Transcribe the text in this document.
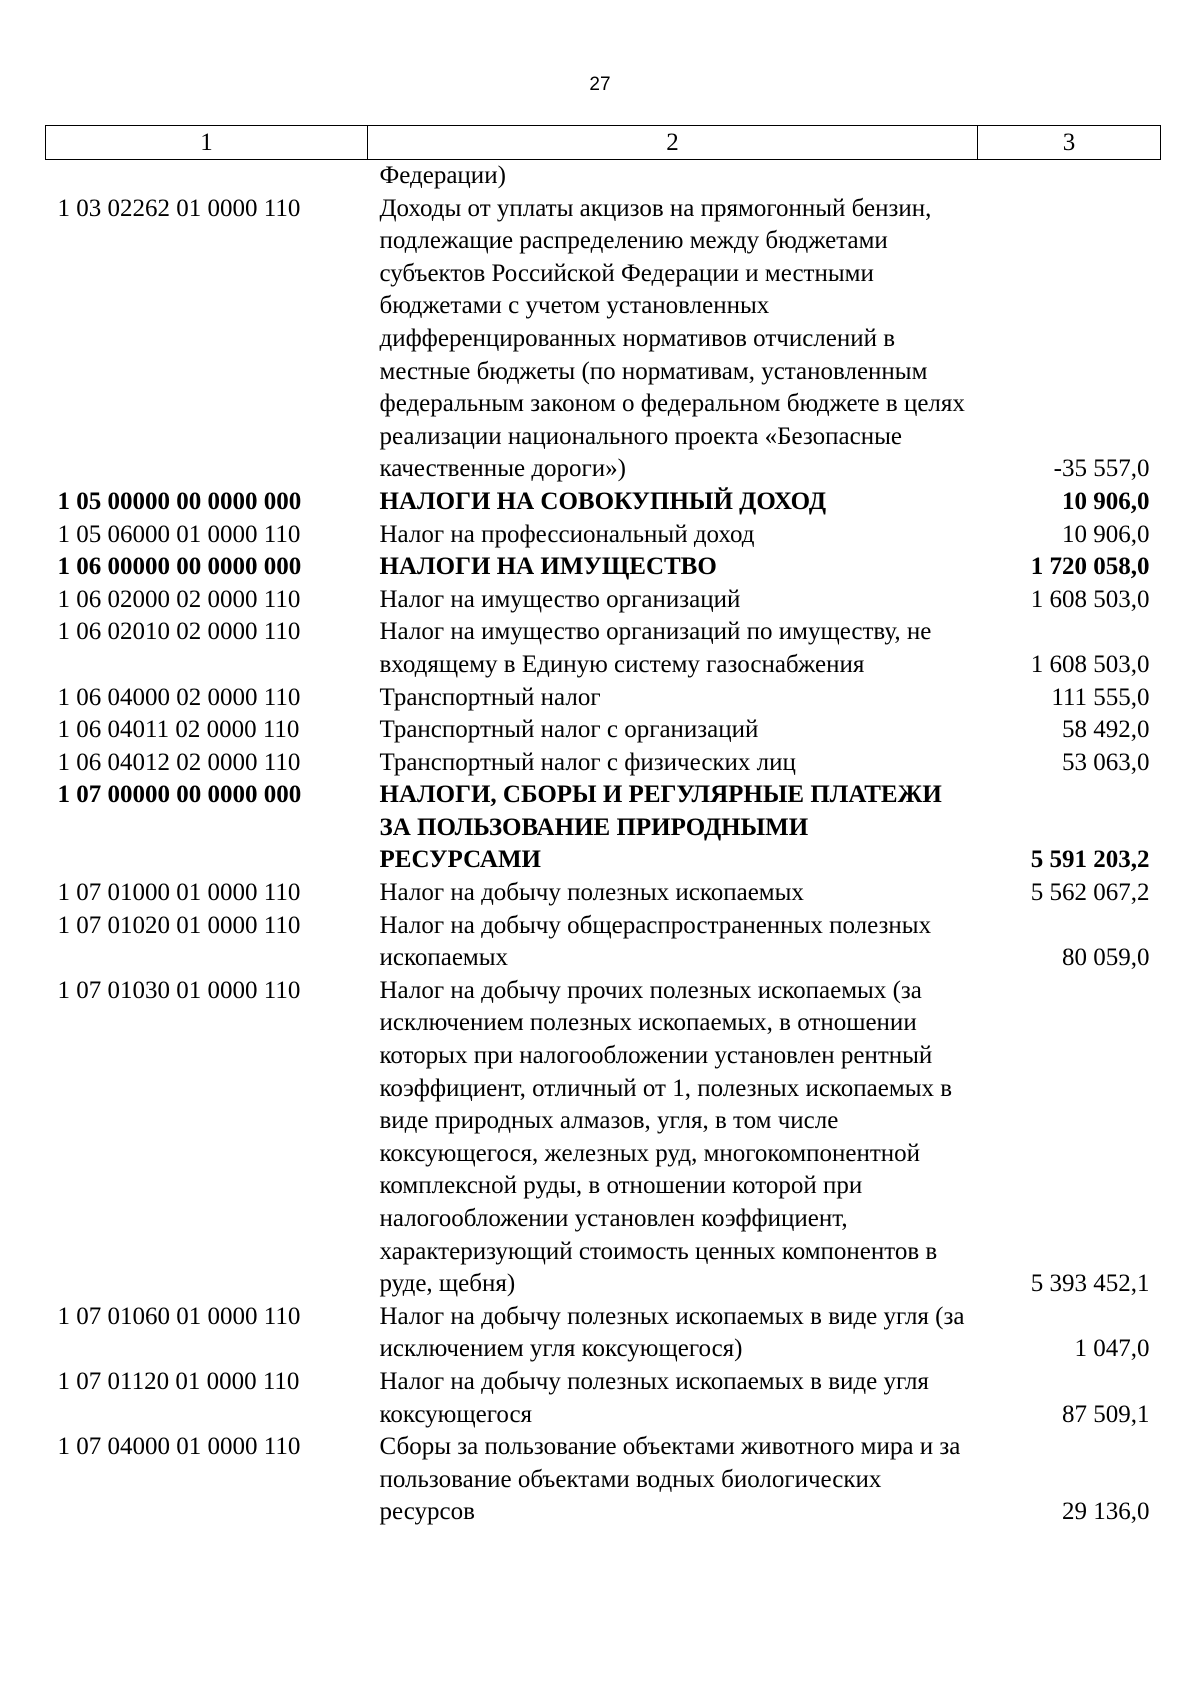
27
1	2	3
	Федерации)	
1 03 02262 01 0000 110	Доходы от уплаты акцизов на прямогонный бензин, подлежащие распределению между бюджетами субъектов Российской Федерации и местными бюджетами с учетом установленных дифференцированных нормативов отчислений в местные бюджеты (по нормативам, установленным федеральным законом о федеральном бюджете в целях реализации национального проекта «Безопасные качественные дороги»)	-35 557,0
1 05 00000 00 0000 000	НАЛОГИ НА СОВОКУПНЫЙ ДОХОД	10 906,0
1 05 06000 01 0000 110	Налог на профессиональный доход	10 906,0
1 06 00000 00 0000 000	НАЛОГИ НА ИМУЩЕСТВО	1 720 058,0
1 06 02000 02 0000 110	Налог на имущество организаций	1 608 503,0
1 06 02010 02 0000 110	Налог на имущество организаций по имуществу, не входящему в Единую систему газоснабжения	1 608 503,0
1 06 04000 02 0000 110	Транспортный налог	111 555,0
1 06 04011 02 0000 110	Транспортный налог с организаций	58 492,0
1 06 04012 02 0000 110	Транспортный налог с физических лиц	53 063,0
1 07 00000 00 0000 000	НАЛОГИ, СБОРЫ И РЕГУЛЯРНЫЕ ПЛАТЕЖИ ЗА ПОЛЬЗОВАНИЕ ПРИРОДНЫМИ РЕСУРСАМИ	5 591 203,2
1 07 01000 01 0000 110	Налог на добычу полезных ископаемых	5 562 067,2
1 07 01020 01 0000 110	Налог на добычу общераспространенных полезных ископаемых	80 059,0
1 07 01030 01 0000 110	Налог на добычу прочих полезных ископаемых (за исключением полезных ископаемых, в отношении которых при налогообложении установлен рентный коэффициент, отличный от 1, полезных ископаемых в виде природных алмазов, угля, в том числе коксующегося, железных руд, многокомпонентной комплексной руды, в отношении которой при налогообложении установлен коэффициент, характеризующий стоимость ценных компонентов в руде, щебня)	5 393 452,1
1 07 01060 01 0000 110	Налог на добычу полезных ископаемых в виде угля (за исключением угля коксующегося)	1 047,0
1 07 01120 01 0000 110	Налог на добычу полезных ископаемых в виде угля коксующегося	87 509,1
1 07 04000 01 0000 110	Сборы за пользование объектами животного мира и за пользование объектами водных биологических ресурсов	29 136,0
